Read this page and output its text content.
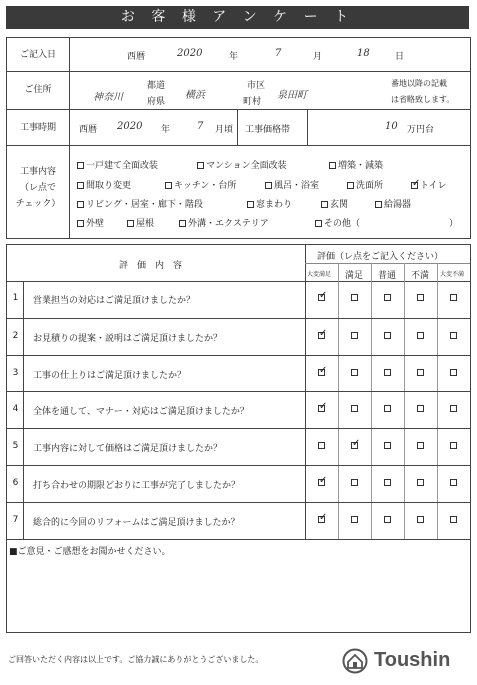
お 客 様 ア ン ケ ー ト
ご記入日	西暦	2020	年	7	月	18	日
ご住所
神奈川
都道
府県
横浜
市区
町村
泉田町
番地以降の記載
は省略致します。
工事時期	西暦 2020 年	7 月頃 工事価格帯	10 万円台
工事内容
（レ点で
チェック）
一戸建て全面改装	マンション全面改装	増築・減築
間取り変更	キッチン・台所	風呂・浴室	洗面所
✓	トイレ
リビング・居室・廊下・階段	窓まわり	玄関	給湯器
外壁	屋根	外溝・エクステリア	その他（	）
評　価　内　容
評価（レ点をご記入ください）
大変満足 満足 普通 不満 大変不満
1	営業担当の対応はご満足頂けましたか？
✓
2	お見積りの提案・説明はご満足頂けましたか？
✓
3	工事の仕上りはご満足頂けましたか？
✓
4	全体を通して、マナー・対応はご満足頂けましたか？
✓
5	工事内容に対して価格はご満足頂けましたか？
✓
6	打ち合わせの期限どおりに工事が完了しましたか？
✓
7	総合的に今回のリフォームはご満足頂けましたか？
✓
■ご意見・ご感想をお聞かせください。
ご回答いただく内容は以上です。ご協力誠にありがとうございました。	Toushin
